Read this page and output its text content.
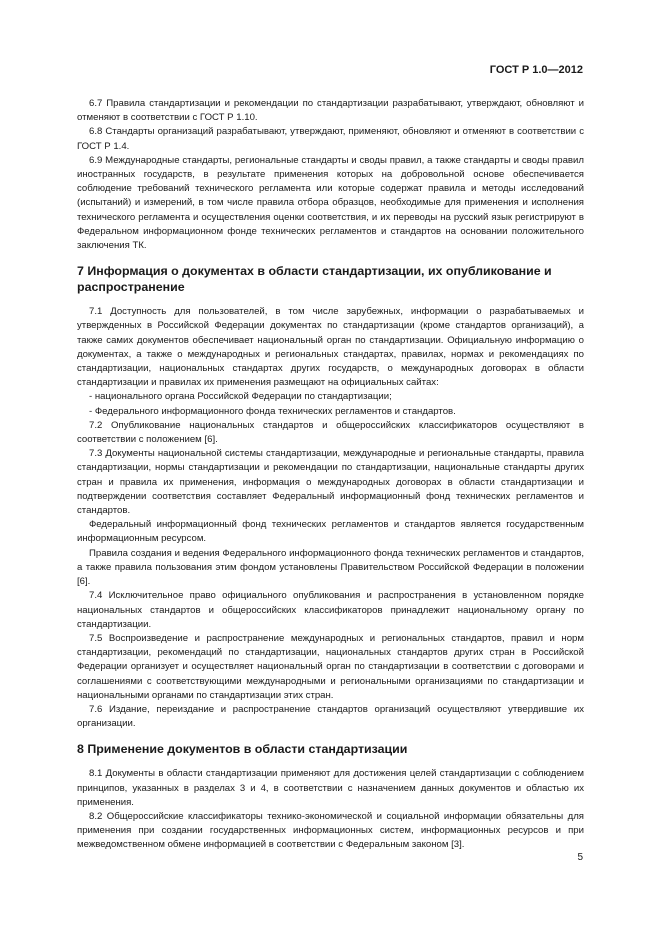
ГОСТ Р 1.0—2012

6.7 Правила стандартизации и рекомендации по стандартизации разрабатывают, утверждают, обновляют и отменяют в соответствии с ГОСТ Р 1.10.

6.8 Стандарты организаций разрабатывают, утверждают, применяют, обновляют и отменяют в соответствии с ГОСТ Р 1.4.

6.9 Международные стандарты, региональные стандарты и своды правил, а также стандарты и своды правил иностранных государств, в результате применения которых на добровольной основе обеспечивается соблюдение требований технического регламента или которые содержат правила и методы исследований (испытаний) и измерений, в том числе правила отбора образцов, необходимые для применения и исполнения технического регламента и осуществления оценки соответствия, и их переводы на русский язык регистрируют в Федеральном информационном фонде технических регламентов и стандартов на основании положительного заключения ТК.

7 Информация о документах в области стандартизации, их опубликование и распространение

7.1 Доступность для пользователей, в том числе зарубежных, информации о разрабатываемых и утвержденных в Российской Федерации документах по стандартизации (кроме стандартов организаций), а также самих документов обеспечивает национальный орган по стандартизации. Официальную информацию о документах, а также о международных и региональных стандартах, правилах, нормах и рекомендациях по стандартизации, национальных стандартах других государств, о международных договорах в области стандартизации и правилах их применения размещают на официальных сайтах:

- национального органа Российской Федерации по стандартизации;

- Федерального информационного фонда технических регламентов и стандартов.

7.2 Опубликование национальных стандартов и общероссийских классификаторов осуществляют в соответствии с положением [6].

7.3 Документы национальной системы стандартизации, международные и региональные стандарты, правила стандартизации, нормы стандартизации и рекомендации по стандартизации, национальные стандарты других стран и правила их применения, информация о международных договорах в области стандартизации и подтверждении соответствия составляет Федеральный информационный фонд технических регламентов и стандартов.

Федеральный информационный фонд технических регламентов и стандартов является государственным информационным ресурсом.

Правила создания и ведения Федерального информационного фонда технических регламентов и стандартов, а также правила пользования этим фондом установлены Правительством Российской Федерации в положении [6].

7.4 Исключительное право официального опубликования и распространения в установленном порядке национальных стандартов и общероссийских классификаторов принадлежит национальному органу по стандартизации.

7.5 Воспроизведение и распространение международных и региональных стандартов, правил и норм стандартизации, рекомендаций по стандартизации, национальных стандартов других стран в Российской Федерации организует и осуществляет национальный орган по стандартизации в соответствии с договорами и соглашениями с соответствующими международными и региональными организациями по стандартизации и национальными органами по стандартизации этих стран.

7.6 Издание, переиздание и распространение стандартов организаций осуществляют утвердившие их организации.

8 Применение документов в области стандартизации

8.1 Документы в области стандартизации применяют для достижения целей стандартизации с соблюдением принципов, указанных в разделах 3 и 4, в соответствии с назначением данных документов и областью их применения.

8.2 Общероссийские классификаторы технико-экономической и социальной информации обязательны для применения при создании государственных информационных систем, информационных ресурсов и при межведомственном обмене информацией в соответствии с Федеральным законом [3].

5
